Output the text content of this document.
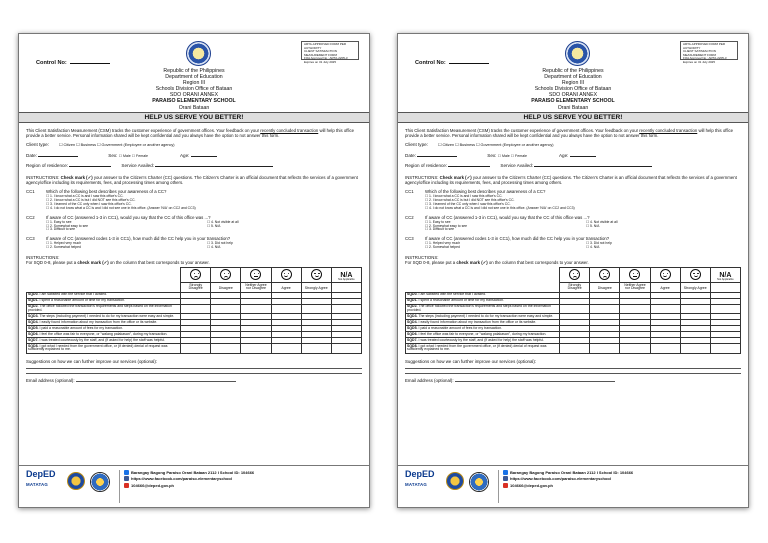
Control No:
ARTA-APPROVED FORM PER AUTHORITY
CLIENT SATISFACTION MEASUREMENT FORM
FOA Approval No.: ARTA-2205-3
Expires on 31 July 2025
Republic of the Philippines
Department of Education
Region III
Schools Division Office of Bataan
SDO ORANI ANNEX
PARAISO ELEMENTARY SCHOOL
Orani Bataan
HELP US SERVE YOU BETTER!
This Client Satisfaction Measurement (CSM) tracks the customer experience of government offices. Your feedback on your recently concluded transaction will help this office provide a better service. Personal information shared will be kept confidential and you always have the option to not answer this form.
Client type:	☐ Citizen ☐ Business ☐ Government (Employee or another agency)
Date:	Sex: ☐ Male ☐ Female	Age:
Region of residence:	Service Availed:
INSTRUCTIONS: Check mark (✓) your answer to the Citizen's Charter (CC) questions. The Citizen's Charter is an official document that reflects the services of a government agency/office including its requirements, fees, and processing times among others.
CC1	Which of the following best describes your awareness of a CC?
☐ 1. I know what a CC is and I saw this office's CC.
☐ 2. I know what a CC is but I did NOT see this office's CC.
☐ 3. I learned of the CC only when I saw this office's CC.
☐ 4. I do not know what a CC is and I did not see one in this office. (Answer 'N/A' on CC2 and CC3)
CC2	If aware of CC (answered 1-3 in CC1), would you say that the CC of this office was ...?
☐ 1. Easy to see	☐ 4. Not visible at all
☐ 2. Somewhat easy to see	☐ 5. N/A
☐ 3. Difficult to see
CC3	If aware of CC (answered codes 1-3 in CC1), how much did the CC help you in your transaction?
☐ 1. Helped very much	☐ 3. Did not help
☐ 2. Somewhat helped	☐ 4. N/A
INSTRUCTIONS:
For SQD 0-8, please put a check mark (✓) on the column that best corresponds to your answer.

						N/A
Not Applicable

	Strongly Disagree	Disagree	Neither Agree nor Disagree	Agree	Strongly Agree	
SQD0. I am satisfied with the service that I availed.						
SQD1. I spent a reasonable amount of time for my transaction.						
SQD2. The office followed the transaction's requirements and steps based on the information provided.						
SQD3. The steps (including payment) I needed to do for my transaction were easy and simple.						
SQD4. I easily found information about my transaction from the office or its website.						
SQD5. I paid a reasonable amount of fees for my transaction.						
SQD6. I feel the office was fair to everyone, or "walang palakasan", during my transaction.						
SQD7. I was treated courteously by the staff, and (if asked for help) the staff was helpful.						
SQD8. I got what I needed from the government office, or (if denied) denial of request was sufficiently explained to me.						
Suggestions on how we can further improve our services (optional):
Email address (optional):
DepED
MATATAG
Barangay Bagong Paraiso Orani Bataan 2112 I School ID: 104666
https://www.facebook.com/paraiso.elementaryschool
104666@deped.gov.ph
Control No:
ARTA-APPROVED FORM PER AUTHORITY
CLIENT SATISFACTION MEASUREMENT FORM
FOA Approval No.: ARTA-2205-3
Expires on 31 July 2025
Republic of the Philippines
Department of Education
Region III
Schools Division Office of Bataan
SDO ORANI ANNEX
PARAISO ELEMENTARY SCHOOL
Orani Bataan
HELP US SERVE YOU BETTER!
This Client Satisfaction Measurement (CSM) tracks the customer experience of government offices. Your feedback on your recently concluded transaction will help this office provide a better service. Personal information shared will be kept confidential and you always have the option to not answer this form.
Client type:	☐ Citizen ☐ Business ☐ Government (Employee or another agency)
Date:	Sex: ☐ Male ☐ Female	Age:
Region of residence:	Service Availed:
INSTRUCTIONS: Check mark (✓) your answer to the Citizen's Charter (CC) questions. The Citizen's Charter is an official document that reflects the services of a government agency/office including its requirements, fees, and processing times among others.
CC1	Which of the following best describes your awareness of a CC?
☐ 1. I know what a CC is and I saw this office's CC.
☐ 2. I know what a CC is but I did NOT see this office's CC.
☐ 3. I learned of the CC only when I saw this office's CC.
☐ 4. I do not know what a CC is and I did not see one in this office. (Answer 'N/A' on CC2 and CC3)
CC2	If aware of CC (answered 1-3 in CC1), would you say that the CC of this office was ...?
☐ 1. Easy to see	☐ 4. Not visible at all
☐ 2. Somewhat easy to see	☐ 5. N/A
☐ 3. Difficult to see
CC3	If aware of CC (answered codes 1-3 in CC1), how much did the CC help you in your transaction?
☐ 1. Helped very much	☐ 3. Did not help
☐ 2. Somewhat helped	☐ 4. N/A
INSTRUCTIONS:
For SQD 0-8, please put a check mark (✓) on the column that best corresponds to your answer.

						N/A
Not Applicable

	Strongly Disagree	Disagree	Neither Agree nor Disagree	Agree	Strongly Agree	
SQD0. I am satisfied with the service that I availed.						
SQD1. I spent a reasonable amount of time for my transaction.						
SQD2. The office followed the transaction's requirements and steps based on the information provided.						
SQD3. The steps (including payment) I needed to do for my transaction were easy and simple.						
SQD4. I easily found information about my transaction from the office or its website.						
SQD5. I paid a reasonable amount of fees for my transaction.						
SQD6. I feel the office was fair to everyone, or "walang palakasan", during my transaction.						
SQD7. I was treated courteously by the staff, and (if asked for help) the staff was helpful.						
SQD8. I got what I needed from the government office, or (if denied) denial of request was sufficiently explained to me.						
Suggestions on how we can further improve our services (optional):
Email address (optional):
DepED
MATATAG
Barangay Bagong Paraiso Orani Bataan 2112 I School ID: 104666
https://www.facebook.com/paraiso.elementaryschool
104666@deped.gov.ph
